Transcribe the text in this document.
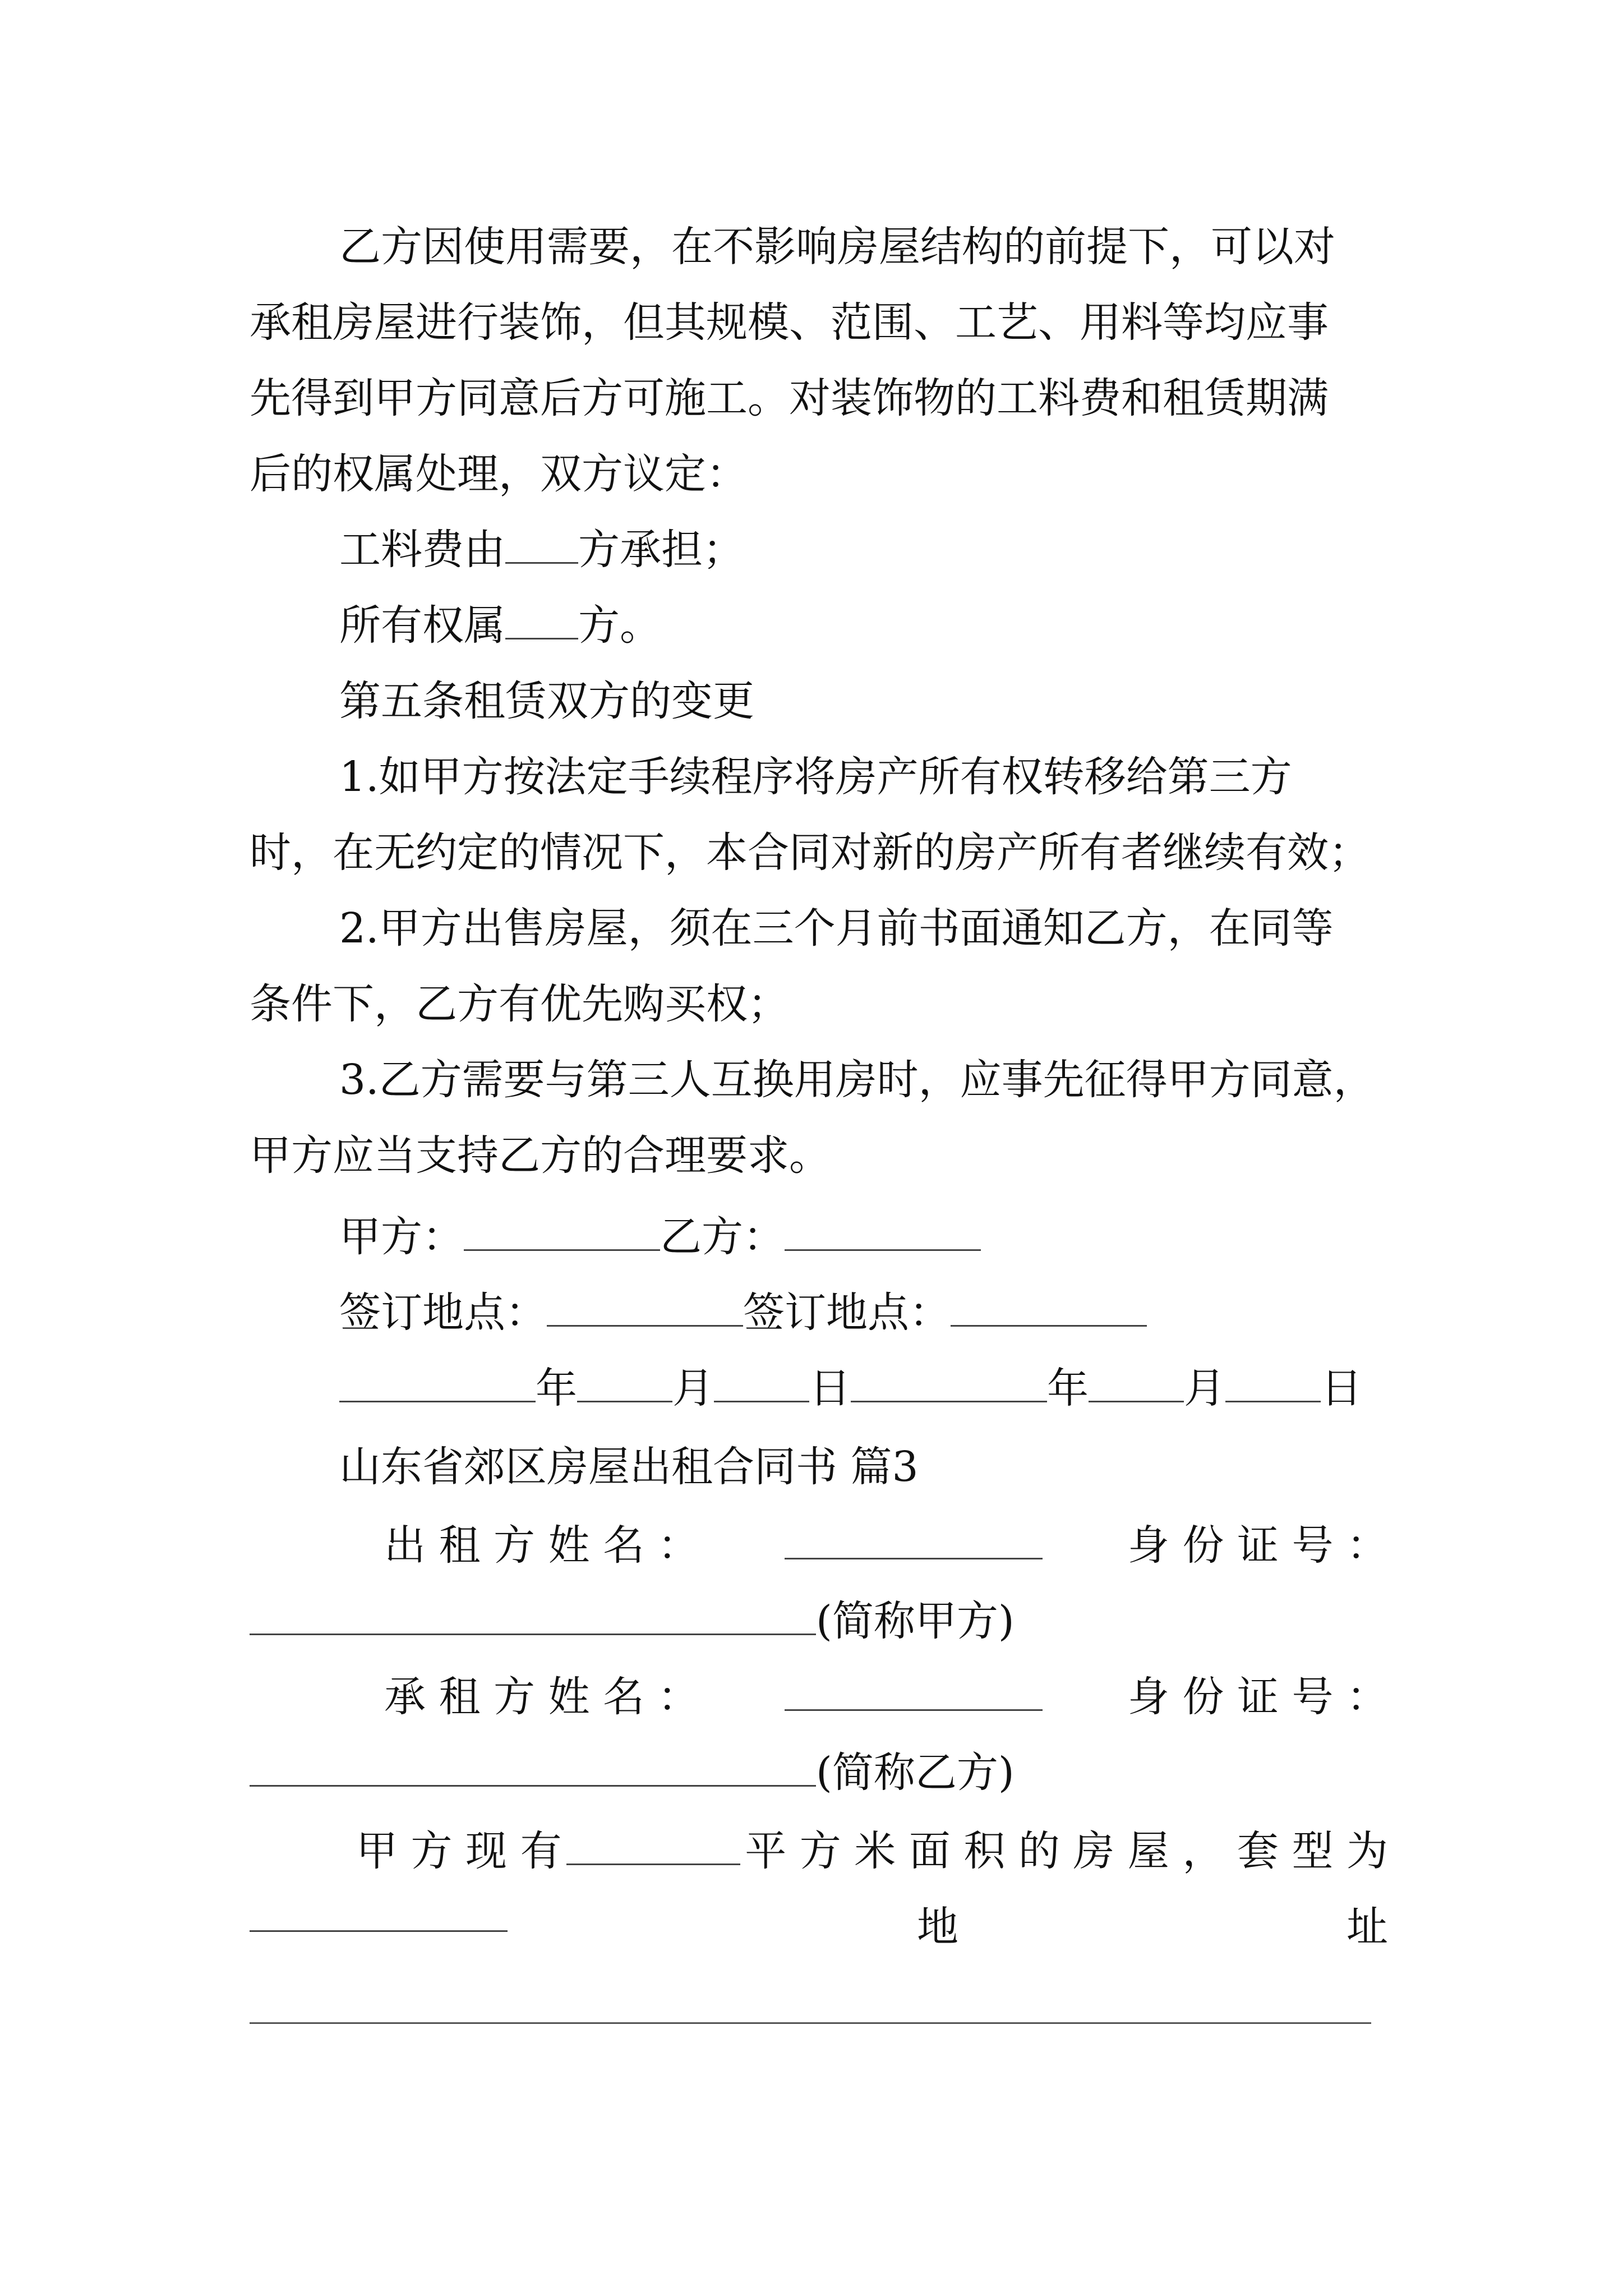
乙方因使用需要，在不影响房屋结构的前提下，可以对
承租房屋进行装饰，但其规模、范围、工艺、用料等均应事
先得到甲方同意后方可施工。对装饰物的工料费和租赁期满
后的权属处理，双方议定：
工料费由 方承担；
所有权属 方。
第五条租赁双方的变更
1.如甲方按法定手续程序将房产所有权转移给第三方
时，在无约定的情况下，本合同对新的房产所有者继续有效；
2.甲方出售房屋，须在三个月前书面通知乙方，在同等
条件下，乙方有优先购买权；
3.乙方需要与第三人互换用房时，应事先征得甲方同意，
甲方应当支持乙方的合理要求。
甲方：	乙方：
签订地点：	签订地点：
年 月 日	年 月 日
山东省郊区房屋出租合同书 篇3
出 租 方 姓 名 ：	身 份 证 号 ：
(简称甲方)
承 租 方 姓 名 ：	身 份 证 号 ：
(简称乙方)
甲 方 现 有	平 方 米 面 积 的 房 屋 ， 套 型 为
地	址
